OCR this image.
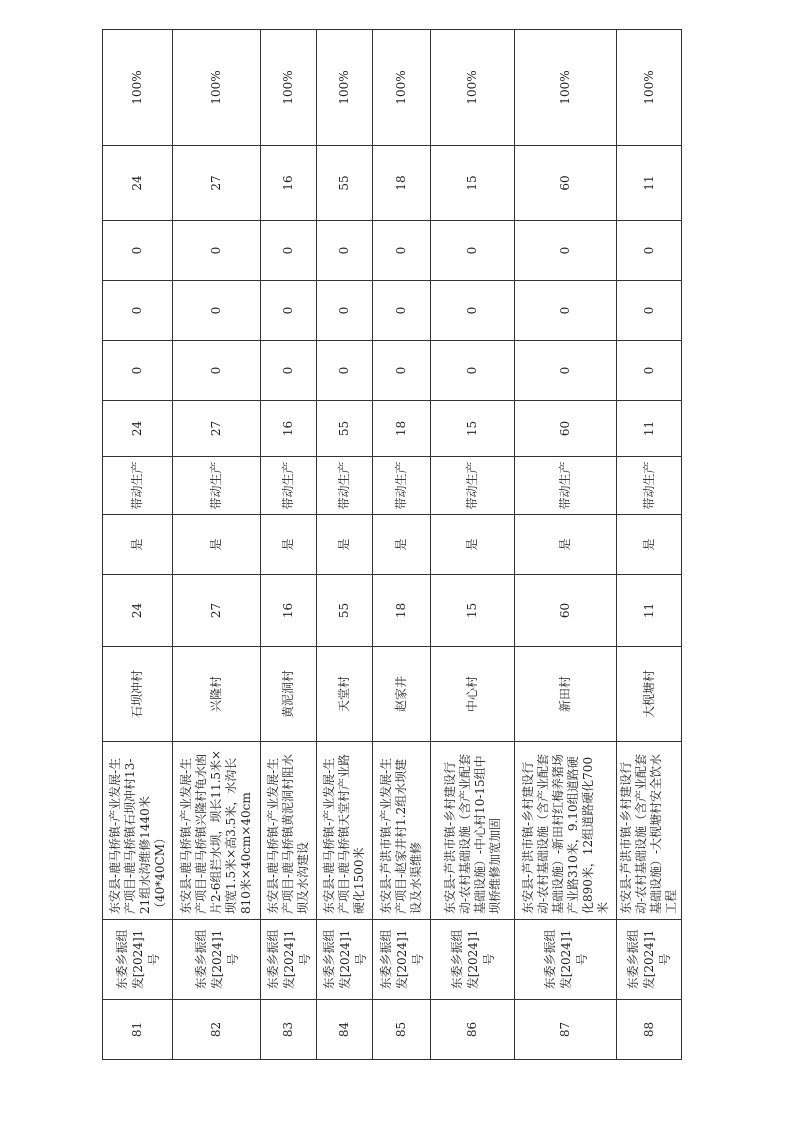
81	东委乡振组发[2024]1号	东安县-鹿马桥镇-产业发展-生产项目-鹿马桥镇石坝冲村13-21组水沟维修1440米（40*40CM）	石坝冲村	24	是	带动生产	24	0	0	0	24	100%
82	东委乡振组发[2024]1号	东安县-鹿马桥镇-产业发展-生产项目-鹿马桥镇兴隆村龟水凼片2-6组拦水坝，坝长11.5米×坝宽1.5米×高3.5米，水沟长810米×40cm×40cm	兴隆村	27	是	带动生产	27	0	0	0	27	100%
83	东委乡振组发[2024]1号	东安县-鹿马桥镇-产业发展-生产项目-鹿马桥镇黄泥洞村阻水坝及水沟建设	黄泥洞村	16	是	带动生产	16	0	0	0	16	100%
84	东委乡振组发[2024]1号	东安县-鹿马桥镇-产业发展-生产项目-鹿马桥镇天堂村产业路硬化1500米	天堂村	55	是	带动生产	55	0	0	0	55	100%
85	东委乡振组发[2024]1号	东安县-芦洪市镇-产业发展-生产项目-赵家井村1.2组水坝建设及水渠维修	赵家井	18	是	带动生产	18	0	0	0	18	100%
86	东委乡振组发[2024]1号	东安县-芦洪市镇-乡村建设行动-农村基础设施（含产业配套基础设施）-中心村10-15组中坝桥维修加宽加固	中心村	15	是	带动生产	15	0	0	0	15	100%
87	东委乡振组发[2024]1号	东安县-芦洪市镇-乡村建设行动-农村基础设施（含产业配套基础设施）-新田村红梅养猪场产业路310米，9.10组道路硬化890米，12组道路硬化700米	新田村	60	是	带动生产	60	0	0	0	60	100%
88	东委乡振组发[2024]1号	东安县-芦洪市镇-乡村建设行动-农村基础设施（含产业配套基础设施）-大枧塘村安全饮水工程	大枧塘村	11	是	带动生产	11	0	0	0	11	100%
